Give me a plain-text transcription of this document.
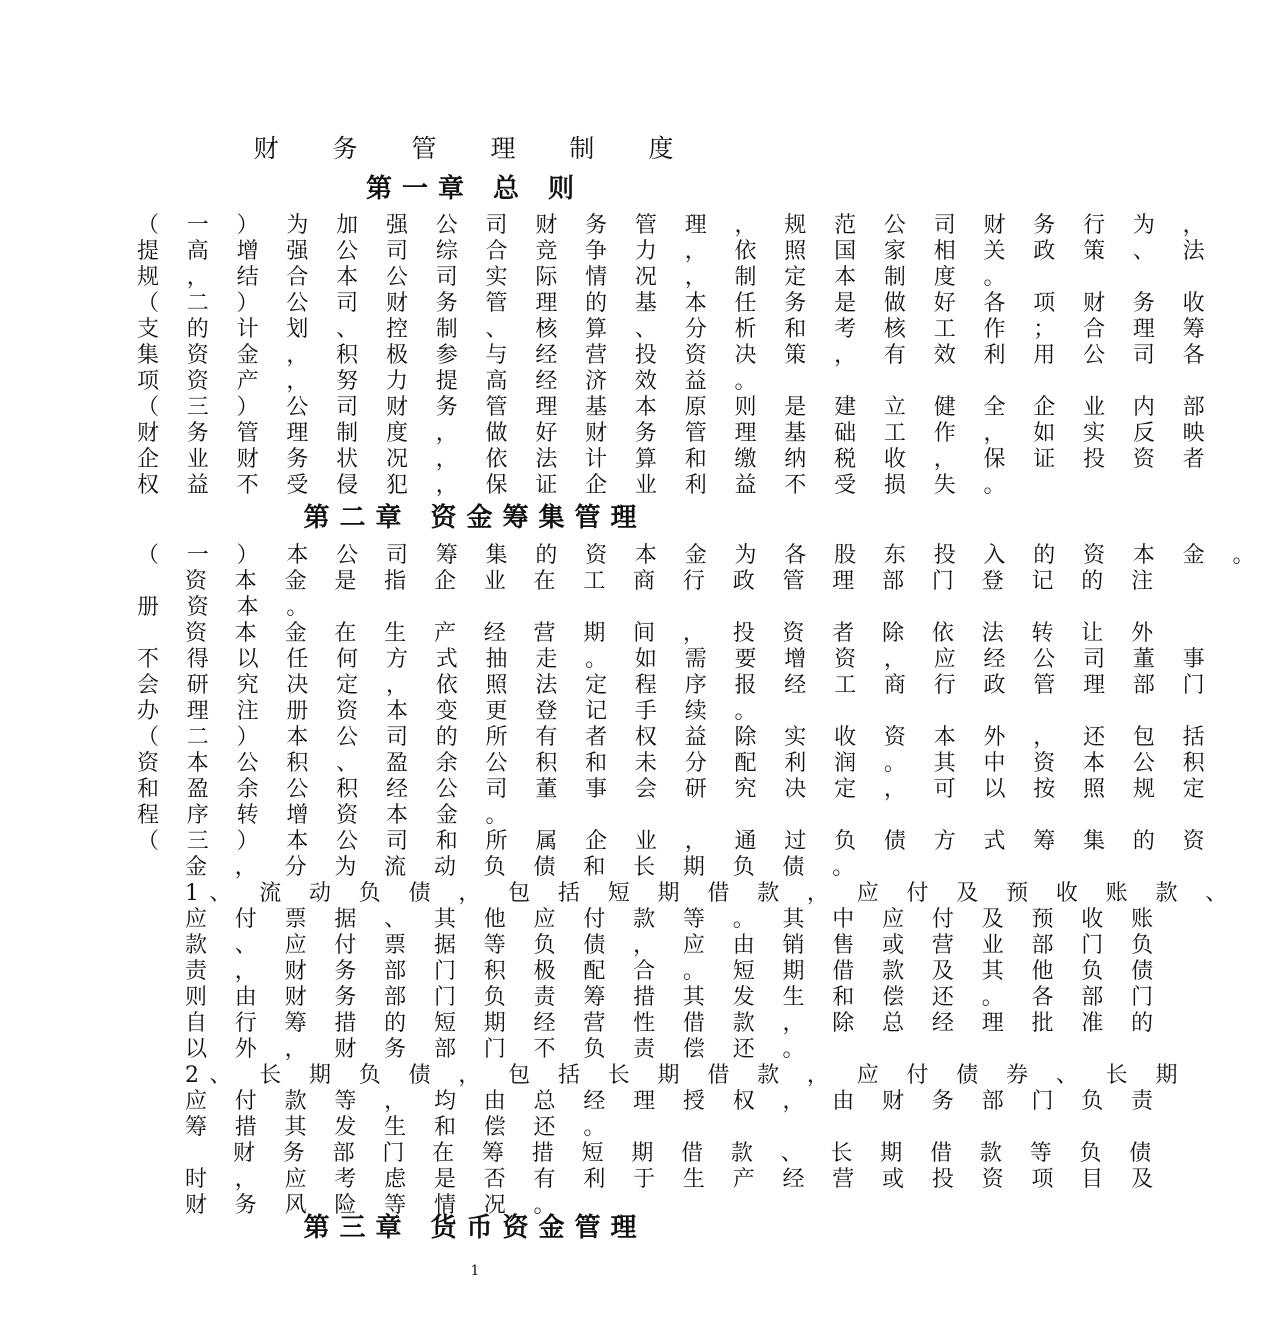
财 务 管 理 制 度
第一章 总 则
（ 一 ） 为 加 强 公 司 财 务 管 理 ， 规 范 公 司 财 务 行 为 ，
提 高 增 强 公 司 综 合 竞 争 力 ， 依 照 国 家 相 关 政 策 、 法
规 ， 结 合 本 公 司 实 际 情 况 ， 制 定 本 制 度 。
（ 二 ） 公 司 财 务 管 理 的 基 本 任 务 是 做 好 各 项 财 务 收
支 的 计 划 、 控 制 、 核 算 、 分 析 和 考 核 工 作 ； 合 理 筹
集 资 金 ， 积 极 参 与 经 营 投 资 决 策 ， 有 效 利 用 公 司 各
项 资 产 ， 努 力 提 高 经 济 效 益 。
（ 三 ） 公 司 财 务 管 理 基 本 原 则 是 建 立 健 全 企 业 内 部
财 务 管 理 制 度 ， 做 好 财 务 管 理 基 础 工 作 ， 如 实 反 映
企 业 财 务 状 况 ， 依 法 计 算 和 缴 纳 税 收 ， 保 证 投 资 者
权 益 不 受 侵 犯 ， 保 证 企 业 利 益 不 受 损 失 。
第二章 资金筹集管理
（ 一 ） 本 公 司 筹 集 的 资 本 金 为 各 股 东 投 入 的 资 本 金 。
资 本 金 是 指 企 业 在 工 商 行 政 管 理 部 门 登 记 的 注
册 资 本 。
资 本 金 在 生 产 经 营 期 间 ， 投 资 者 除 依 法 转 让 外
不 得 以 任 何 方 式 抽 走 。 如 需 要 增 资 ， 应 经 公 司 董 事
会 研 究 决 定 ， 依 照 法 定 程 序 报 经 工 商 行 政 管 理 部 门
办 理 注 册 资 本 变 更 登 记 手 续 。
（ 二 ） 本 公 司 的 所 有 者 权 益 除 实 收 资 本 外 ， 还 包 括
资 本 公 积 、 盈 余 公 积 和 未 分 配 利 润 。 其 中 资 本 公 积
和 盈 余 公 积 经 公 司 董 事 会 研 究 决 定 ， 可 以 按 照 规 定
程 序 转 增 资 本 金 。
（ 三 ） 本 公 司 和 所 属 企 业 ， 通 过 负 债 方 式 筹 集 的 资
金 ， 分 为 流 动 负 债 和 长 期 负 债 。
1、 流 动 负 债 ， 包 括 短 期 借 款 ， 应 付 及 预 收 账 款 、
应 付 票 据 、 其 他 应 付 款 等 。 其 中 应 付 及 预 收 账
款 、 应 付 票 据 等 负 债 ， 应 由 销 售 或 营 业 部 门 负
责 ， 财 务 部 门 积 极 配 合 。 短 期 借 款 及 其 他 负 债
则 由 财 务 部 门 负 责 筹 措 其 发 生 和 偿 还 。 各 部 门
自 行 筹 措 的 短 期 经 营 性 借 款 ， 除 总 经 理 批 准 的
以 外 ， 财 务 部 门 不 负 责 偿 还 。
2、 长 期 负 债 ， 包 括 长 期 借 款 ， 应 付 债 券 、 长 期
应 付 款 等 ， 均 由 总 经 理 授 权 ， 由 财 务 部 门 负 责
筹 措 其 发 生 和 偿 还 。
财 务 部 门 在 筹 措 短 期 借 款 、 长 期 借 款 等 负 债
时 ， 应 考 虑 是 否 有 利 于 生 产 经 营 或 投 资 项 目 及
财 务 风 险 等 情 况 。
第三章 货币资金管理
1
